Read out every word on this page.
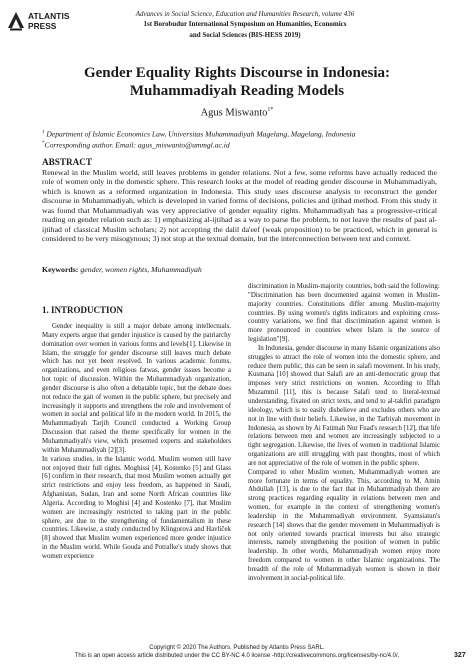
ATLANTIS
PRESS
Advances in Social Science, Education and Humanities Research, volume 436
1st Borobudur International Symposium on Humanities, Economics
and Social Sciences (BIS-HESS 2019)
Gender Equality Rights Discourse in Indonesia:
Muhammadiyah Reading Models
Agus Miswanto$^{1*}$
$^1$ Department of Islamic Economics Law, Universitas Muhammadiyah Magelang, Magelang, Indonesia
*Corresponding author. Email: agus_miswanto@ummgl.ac.id
ABSTRACT
Renewal in the Muslim world, still leaves problems in gender relations. Not a few, some reforms have actually reduced the role of women only in the domestic sphere. This research looks at the model of reading gender discourse in Muhammadiyah, which is known as a reformed organization in Indonesia. This study uses discourse analysis to reconstruct the gender discourse in Muhammadiyah, which is developed in varied forms of decisions, policies and ijtihad method. From this study it was found that Muhammadiyah was very appreciative of gender equality rights. Muhammadiyah has a progressive-critical reading on gender relation such as: 1) emphasizing al-ijtihad as a way to parse the problem, to not leave the results of past al-ijtihad of classical Muslim scholars; 2) not accepting the dalil da'eef (weak proposition) to be practiced, which in general is considered to be very misogynous; 3) not stop at the textual domain, but the interconnection between text and context.
Keywords: gender, women rights, Muhammadiyah
1. INTRODUCTION

Gender inequality is still a major debate among intellectuals. Many experts argue that gender injustice is caused by the patriarchy domination over women in various forms and levels[1]. Likewise in Islam, the struggle for gender discourse still leaves much debate which has not yet been resolved. In various academic forums, organizations, and even religious fatwas, gender issues become a hot topic of discussion. Within the Muhammadiyah organization, gender discourse is also often a debatable topic, but the debate does not reduce the gait of women in the public sphere, but precisely and increasingly it supports and strengthens the role and involvement of women in social and political life in the modern world. In 2015, the Muhammadiyah Tarjih Council conducted a Working Group Discussion that raised the theme specifically for women in the Muhammadiyah's view, which presented experts and stakeholders within Muhammadiyah [2][3].

In various studies, in the Islamic world, Muslim women still have not enjoyed their full rights. Moghissi [4], Kostenko [5] and Glass [6] confirm in their research, that most Muslim women actually get strict restrictions and enjoy less freedom, as happened in Saudi, Afghanistan, Sudan, Iran and some North African countries like Algeria. According to Moghisi [4] and Kostenko [7], that Muslim women are increasingly restricted to taking part in the public sphere, are due to the strengthening of fundamentalism in these countries. Likewise, a study conducted by Klingorová and Havlíček [8] showed that Muslim women experienced more gender injustice in the Muslim world. While Gouda and Potrafke's study shows that women experience

discrimination in Muslim-majority countries, both said the following:

"Discrimination has been documented against women in Muslim-majority countries. Constitutions differ among Muslim-majority countries. By using women's rights indicators and exploiting cross-country variations, we find that discrimination against women is more pronounced in countries where Islam is the source of legislation"[9].

In Indonesia, gender discourse in many Islamic organizations also struggles to attract the role of women into the domestic sphere, and reduce them public, this can be seen in salafi movement. In his study, Kusmana [10] showed that Salafi are an anti-democratic group that imposes very strict restrictions on women. According to Iffah Muzammil [11], this is because Salafi tend to literal-textual understanding, fixated on strict texts, and tend to al-takfiri paradigm ideology, which is to easily disbelieve and excludes others who are not in line with their beliefs. Likewise, in the Tarbiyah movement in Indonesia, as shown by Ai Fatimah Nur Fuad's research [12], that life relations between men and women are increasingly subjected to a tight segregation. Likewise, the lives of women in traditional Islamic organizations are still struggling with past thoughts, most of which are not appreciative of the role of women in the public sphere.

Compared to other Muslim women, Muhammadiyah women are more fortunate in terms of equality. This, according to M. Amin Abdullah [13], is due to the fact that in Muhammadiyah there are strong practices regarding equality in relations between men and women, for example in the context of strengthening women's leadership in the Muhammadiyah environment. Syamsiatun's research [14] shows that the gender movement in Muhammadiyah is not only oriented towards practical interests but also strategic interests, namely strengthening the position of women in public leadership. In other words, Muhammadiyah women enjoy more freedom compared to women in other Islamic organizations. The breadth of the role of Muhammadiyah women is shown in their involvement in social-political life.

Copyright © 2020 The Authors. Published by Atlantis Press SARL.
This is an open access article distributed under the CC BY-NC 4.0 license -http://creativecommons.org/licenses/by-nc/4.0/.	327
